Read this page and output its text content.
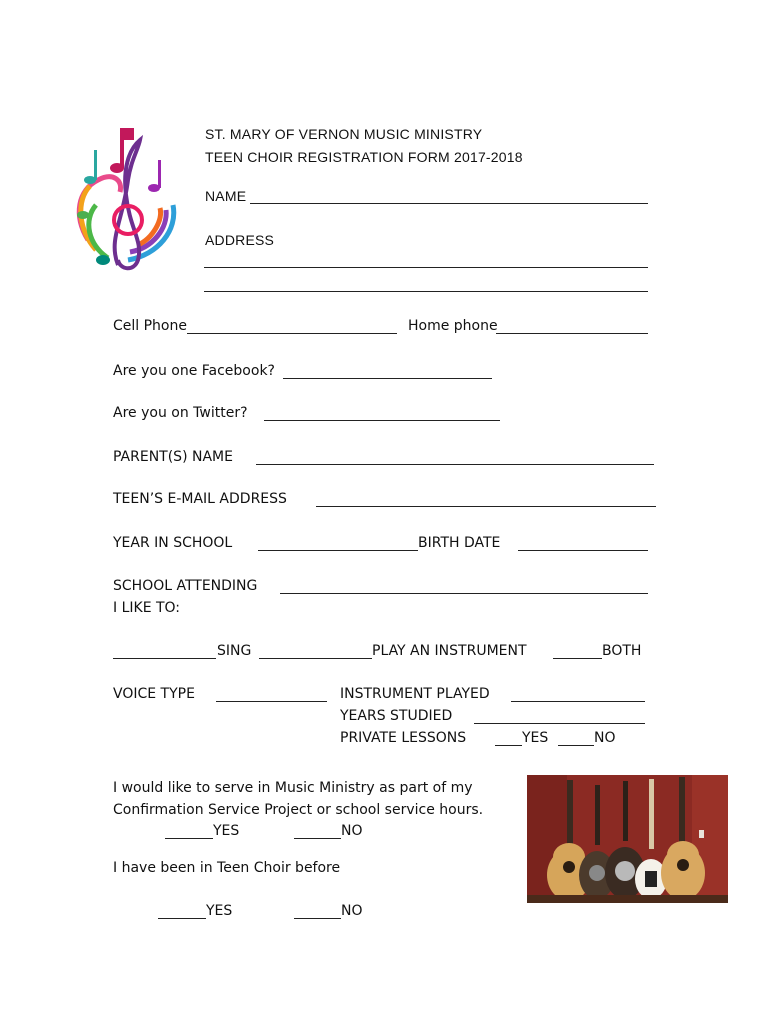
ST. MARY OF VERNON MUSIC MINISTRY
TEEN CHOIR REGISTRATION FORM 2017-2018
NAME
ADDRESS
Cell Phone	Home phone
Are you one Facebook?
Are you on Twitter?
PARENT(S) NAME
TEEN’S E-MAIL ADDRESS
YEAR IN SCHOOL	BIRTH DATE
SCHOOL ATTENDING
I LIKE TO:
SING	PLAY AN INSTRUMENT	BOTH
VOICE TYPE	INSTRUMENT PLAYED
YEARS STUDIED
PRIVATE LESSONS	YES	NO
I would like to serve in Music Ministry as part of my
Confirmation Service Project or school service hours.
YES	NO
I have been in Teen Choir before
YES	NO
